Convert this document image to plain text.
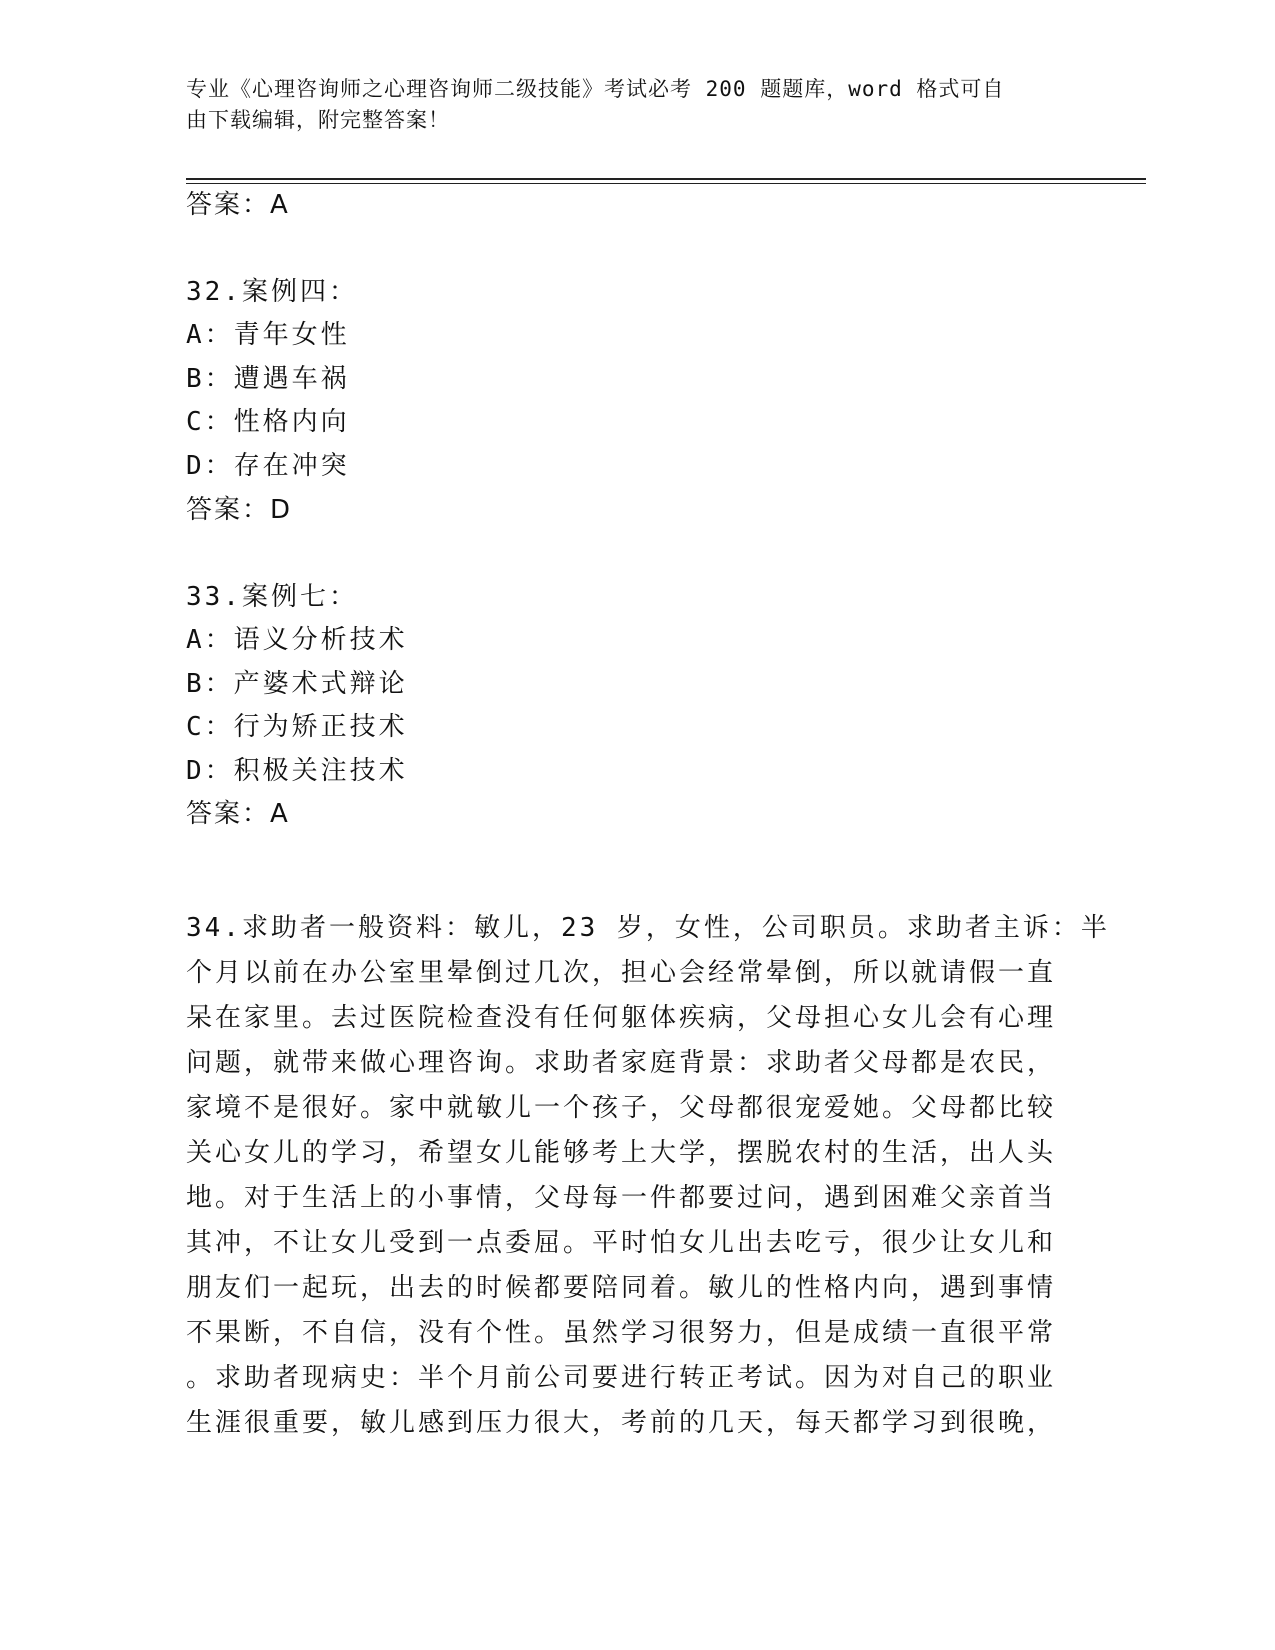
专业《心理咨询师之心理咨询师二级技能》考试必考 200 题题库，word 格式可自
由下载编辑，附完整答案！
答案：A
32.案例四：
A：青年女性
B：遭遇车祸
C：性格内向
D：存在冲突
答案：D
33.案例七：
A：语义分析技术
B：产婆术式辩论
C：行为矫正技术
D：积极关注技术
答案：A
34.求助者一般资料：敏儿，23 岁，女性，公司职员。求助者主诉：半
个月以前在办公室里晕倒过几次，担心会经常晕倒，所以就请假一直
呆在家里。去过医院检查没有任何躯体疾病，父母担心女儿会有心理
问题，就带来做心理咨询。求助者家庭背景：求助者父母都是农民，
家境不是很好。家中就敏儿一个孩子，父母都很宠爱她。父母都比较
关心女儿的学习，希望女儿能够考上大学，摆脱农村的生活，出人头
地。对于生活上的小事情，父母每一件都要过问，遇到困难父亲首当
其冲，不让女儿受到一点委屈。平时怕女儿出去吃亏，很少让女儿和
朋友们一起玩，出去的时候都要陪同着。敏儿的性格内向，遇到事情
不果断，不自信，没有个性。虽然学习很努力，但是成绩一直很平常
。求助者现病史：半个月前公司要进行转正考试。因为对自己的职业
生涯很重要，敏儿感到压力很大，考前的几天，每天都学习到很晚，
